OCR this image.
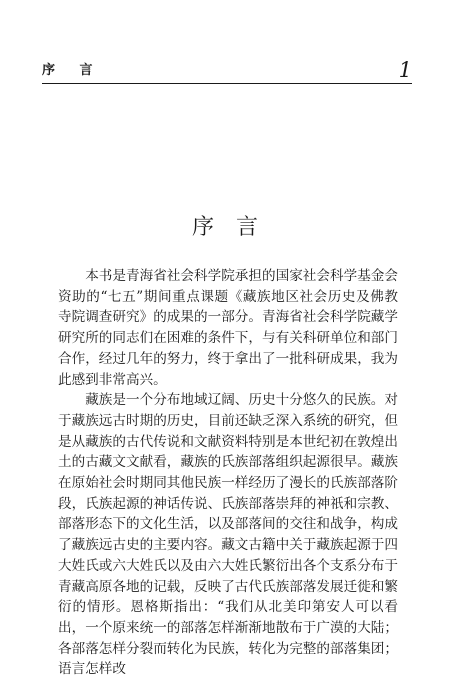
序 言	1
序言

本书是青海省社会科学院承担的国家社会科学基金会资助的“七五”期间重点课题《藏族地区社会历史及佛教寺院调查研究》的成果的一部分。青海省社会科学院藏学研究所的同志们在困难的条件下，与有关科研单位和部门合作，经过几年的努力，终于拿出了一批科研成果，我为此感到非常高兴。

藏族是一个分布地域辽阔、历史十分悠久的民族。对于藏族远古时期的历史，目前还缺乏深入系统的研究，但是从藏族的古代传说和文献资料特别是本世纪初在敦煌出土的古藏文文献看，藏族的氏族部落组织起源很早。藏族在原始社会时期同其他民族一样经历了漫长的氏族部落阶段，氏族起源的神话传说、氏族部落崇拜的神祇和宗教、部落形态下的文化生活，以及部落间的交往和战争，构成了藏族远古史的主要内容。藏文古籍中关于藏族起源于四大姓氏或六大姓氏以及由六大姓氏繁衍出各个支系分布于青藏高原各地的记载，反映了古代氏族部落发展迁徙和繁衍的情形。恩格斯指出：“我们从北美印第安人可以看出，一个原来统一的部落怎样渐渐地散布于广漠的大陆；各部落怎样分裂而转化为民族，转化为完整的部落集团；语言怎样改
